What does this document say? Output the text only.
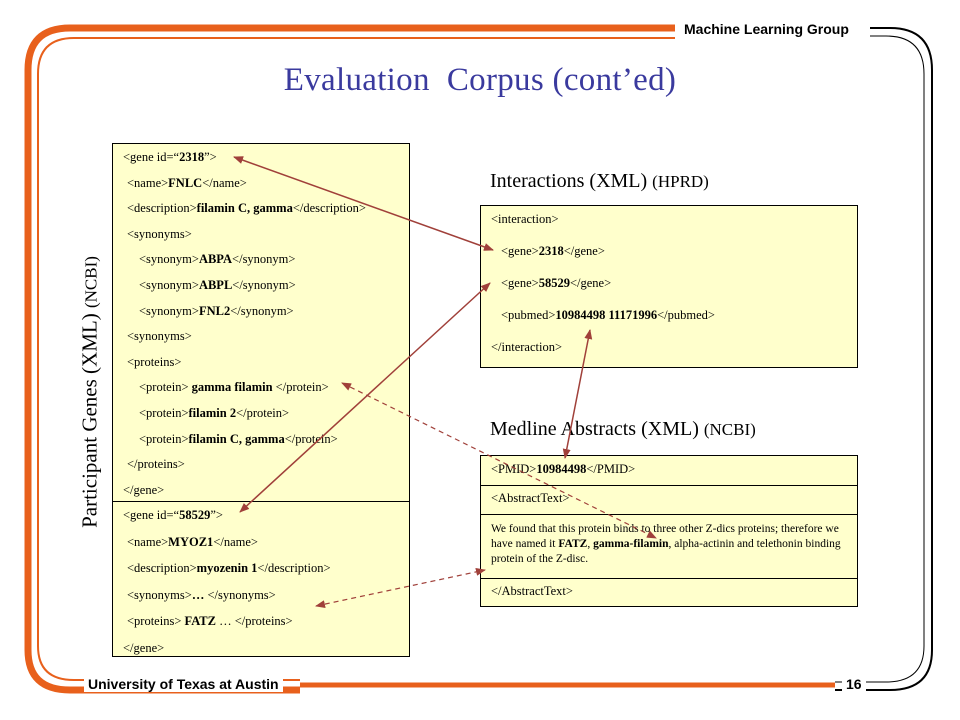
Machine Learning Group
University of Texas at Austin	16
Evaluation  Corpus (cont’ed)
Participant Genes (XML) (NCBI)
<gene id=“2318”>
<name>FNLC</name>
<description>filamin C, gamma</description>
<synonyms>
<synonym>ABPA</synonym>
<synonym>ABPL</synonym>
<synonym>FNL2</synonym>
<synonyms>
<proteins>
<protein> gamma filamin </protein>
<protein>filamin 2</protein>
<protein>filamin C, gamma</protein>
</proteins>
</gene>
<gene id=“58529”>
<name>MYOZ1</name>
<description>myozenin 1</description>
<synonyms>… </synonyms>
<proteins> FATZ … </proteins>
</gene>
Interactions (XML) (HPRD)
<interaction>
<gene>2318</gene>
<gene>58529</gene>
<pubmed>10984498 11171996</pubmed>
</interaction>
Medline Abstracts (XML) (NCBI)
<PMID>10984498</PMID>
<AbstractText>
We found that this protein binds to three other Z-dics proteins; therefore we have named it FATZ, gamma-filamin, alpha-actinin and telethonin binding protein of the Z-disc.
</AbstractText>
